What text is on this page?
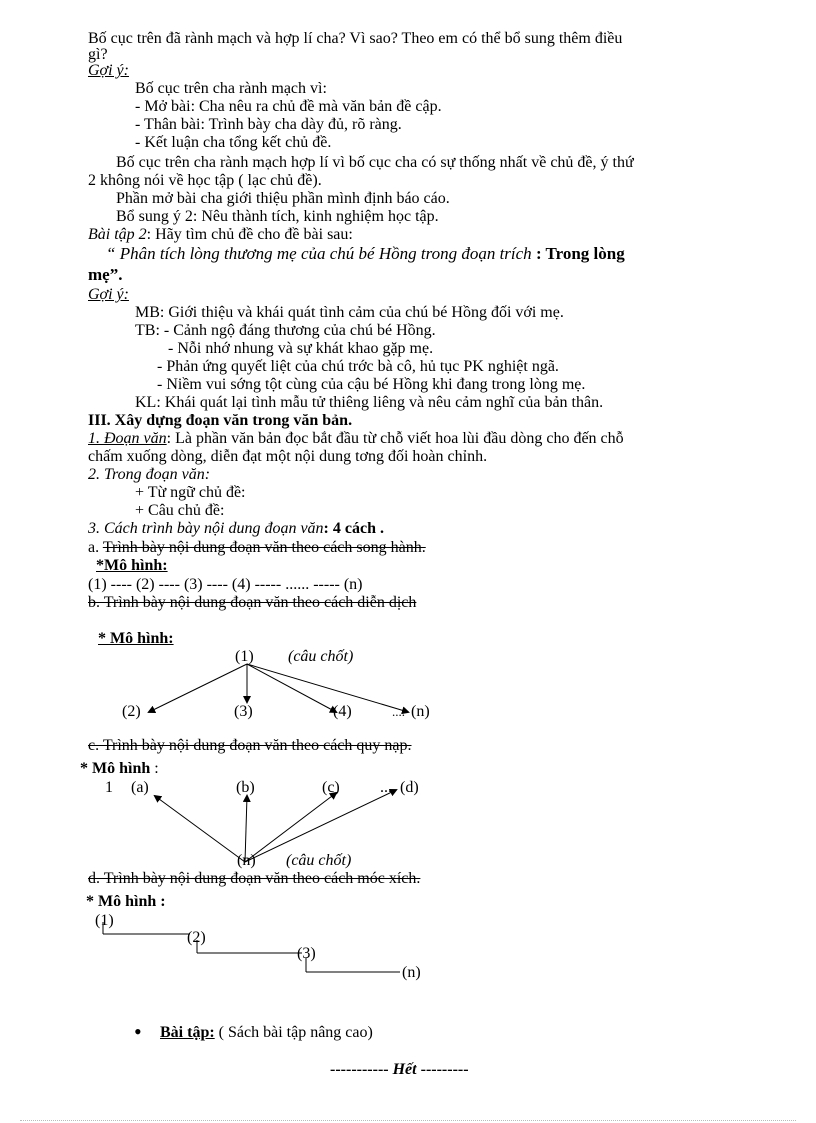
Bố cục trên đã rành mạch và hợp lí cha? Vì sao? Theo em có thể bổ sung thêm điều
gì?
Gợi ý:
Bố cục trên cha rành mạch vì:
- Mở bài: Cha nêu ra chủ đề mà văn bản đề cập.
- Thân bài: Trình bày cha dày đủ, rõ ràng.
- Kết luận cha tổng kết chủ đề.
Bố cục trên cha rành mạch hợp lí vì bố cục cha có sự thống nhất về chủ đề, ý thứ
2 không nói về học tập ( lạc chủ đề).
Phần mở bài cha giới thiệu phần mình định báo cáo.
Bổ sung ý 2: Nêu thành tích, kinh nghiệm học tập.
Bài tập 2: Hãy tìm chủ đề cho đề bài sau:
“ Phân tích lòng thương mẹ của chú bé Hồng trong đoạn trích : Trong lòng
mẹ”.
Gợi ý:
MB: Giới thiệu và khái quát tình cảm của chú bé Hồng đối với mẹ.
TB: - Cảnh ngộ đáng thương của chú bé Hồng.
- Nỗi nhớ nhung và sự khát khao gặp mẹ.
- Phản ứng quyết liệt của chú trớc bà cô, hủ tục PK nghiệt ngã.
- Niềm vui sớng tột cùng của cậu bé Hồng khi đang trong lòng mẹ.
KL: Khái quát lại tình mẫu tử thiêng liêng và nêu cảm nghĩ của bản thân.
III. Xây dựng đoạn văn trong văn bản.
1. Đoạn văn: Là phần văn bản đọc bắt đầu từ chỗ viết hoa lùi đầu dòng cho đến chỗ
chấm xuống dòng, diễn đạt một nội dung tơng đối hoàn chỉnh.
2. Trong đoạn văn:
+ Từ ngữ chủ đề:
+ Câu chủ đề:
3. Cách trình bày nội dung đoạn văn: 4 cách .
a. Trình bày nội dung đoạn văn theo cách song hành.
*Mô hình:
(1) ---- (2) ---- (3) ---- (4) ----- ...... ----- (n)
b. Trình bày nội dung đoạn văn theo cách diễn dịch
* Mô hình:
(1) (câu chốt)
(2)	(3)	(4)	.... (n)
c. Trình bày nội dung đoạn văn theo cách quy nạp.
* Mô hình :
1 (a)	(b)	(c)	... (d)
(n) (câu chốt)
d. Trình bày nội dung đoạn văn theo cách móc xích.
* Mô hình :
(1)
(2)
(3)
(n)
• Bài tập: ( Sách bài tập nâng cao)
----------- Hết ---------
